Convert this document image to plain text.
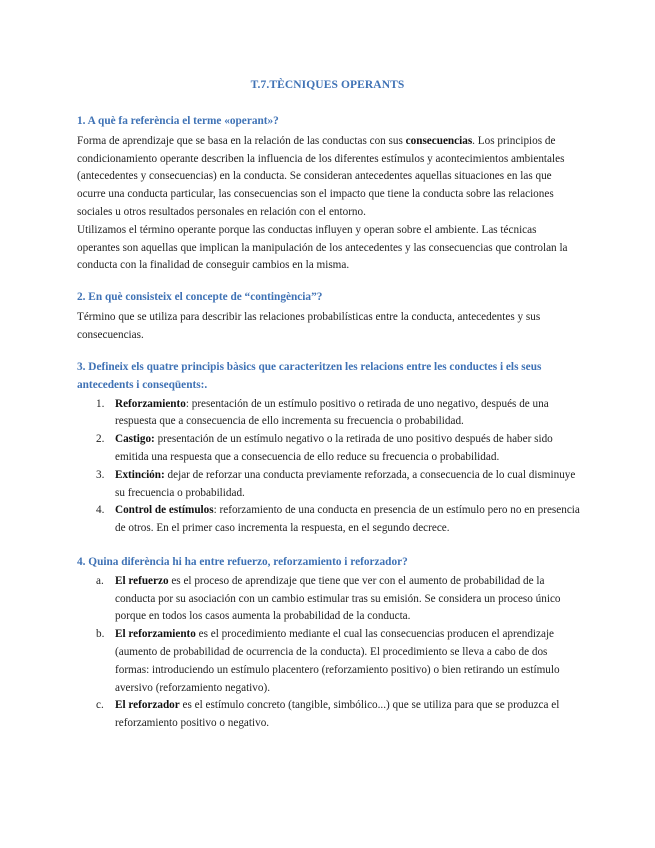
T.7.TÈCNIQUES OPERANTS

1. A què fa referència el terme «operant»?

Forma de aprendizaje que se basa en la relación de las conductas con sus consecuencias. Los principios de condicionamiento operante describen la influencia de los diferentes estímulos y acontecimientos ambientales (antecedentes y consecuencias) en la conducta. Se consideran antecedentes aquellas situaciones en las que ocurre una conducta particular, las consecuencias son el impacto que tiene la conducta sobre las relaciones sociales u otros resultados personales en relación con el entorno.

Utilizamos el término operante porque las conductas influyen y operan sobre el ambiente. Las técnicas operantes son aquellas que implican la manipulación de los antecedentes y las consecuencias que controlan la conducta con la finalidad de conseguir cambios en la misma.

2. En què consisteix el concepte de “contingència”?

Término que se utiliza para describir las relaciones probabilísticas entre la conducta, antecedentes y sus consecuencias.

3. Defineix els quatre principis bàsics que caracteritzen les relacions entre les conductes i els seus antecedents i conseqüents:.

1. Reforzamiento: presentación de un estímulo positivo o retirada de uno negativo, después de una respuesta que a consecuencia de ello incrementa su frecuencia o probabilidad.
2. Castigo: presentación de un estímulo negativo o la retirada de uno positivo después de haber sido emitida una respuesta que a consecuencia de ello reduce su frecuencia o probabilidad.
3. Extinción: dejar de reforzar una conducta previamente reforzada, a consecuencia de lo cual disminuye su frecuencia o probabilidad.
4. Control de estímulos: reforzamiento de una conducta en presencia de un estímulo pero no en presencia de otros. En el primer caso incrementa la respuesta, en el segundo decrece.

4. Quina diferència hi ha entre refuerzo, reforzamiento i reforzador?

a. El refuerzo es el proceso de aprendizaje que tiene que ver con el aumento de probabilidad de la conducta por su asociación con un cambio estimular tras su emisión. Se considera un proceso único porque en todos los casos aumenta la probabilidad de la conducta.
b. El reforzamiento es el procedimiento mediante el cual las consecuencias producen el aprendizaje (aumento de probabilidad de ocurrencia de la conducta). El procedimiento se lleva a cabo de dos formas: introduciendo un estímulo placentero (reforzamiento positivo) o bien retirando un estímulo aversivo (reforzamiento negativo).
c. El reforzador es el estímulo concreto (tangible, simbólico...) que se utiliza para que se produzca el reforzamiento positivo o negativo.
